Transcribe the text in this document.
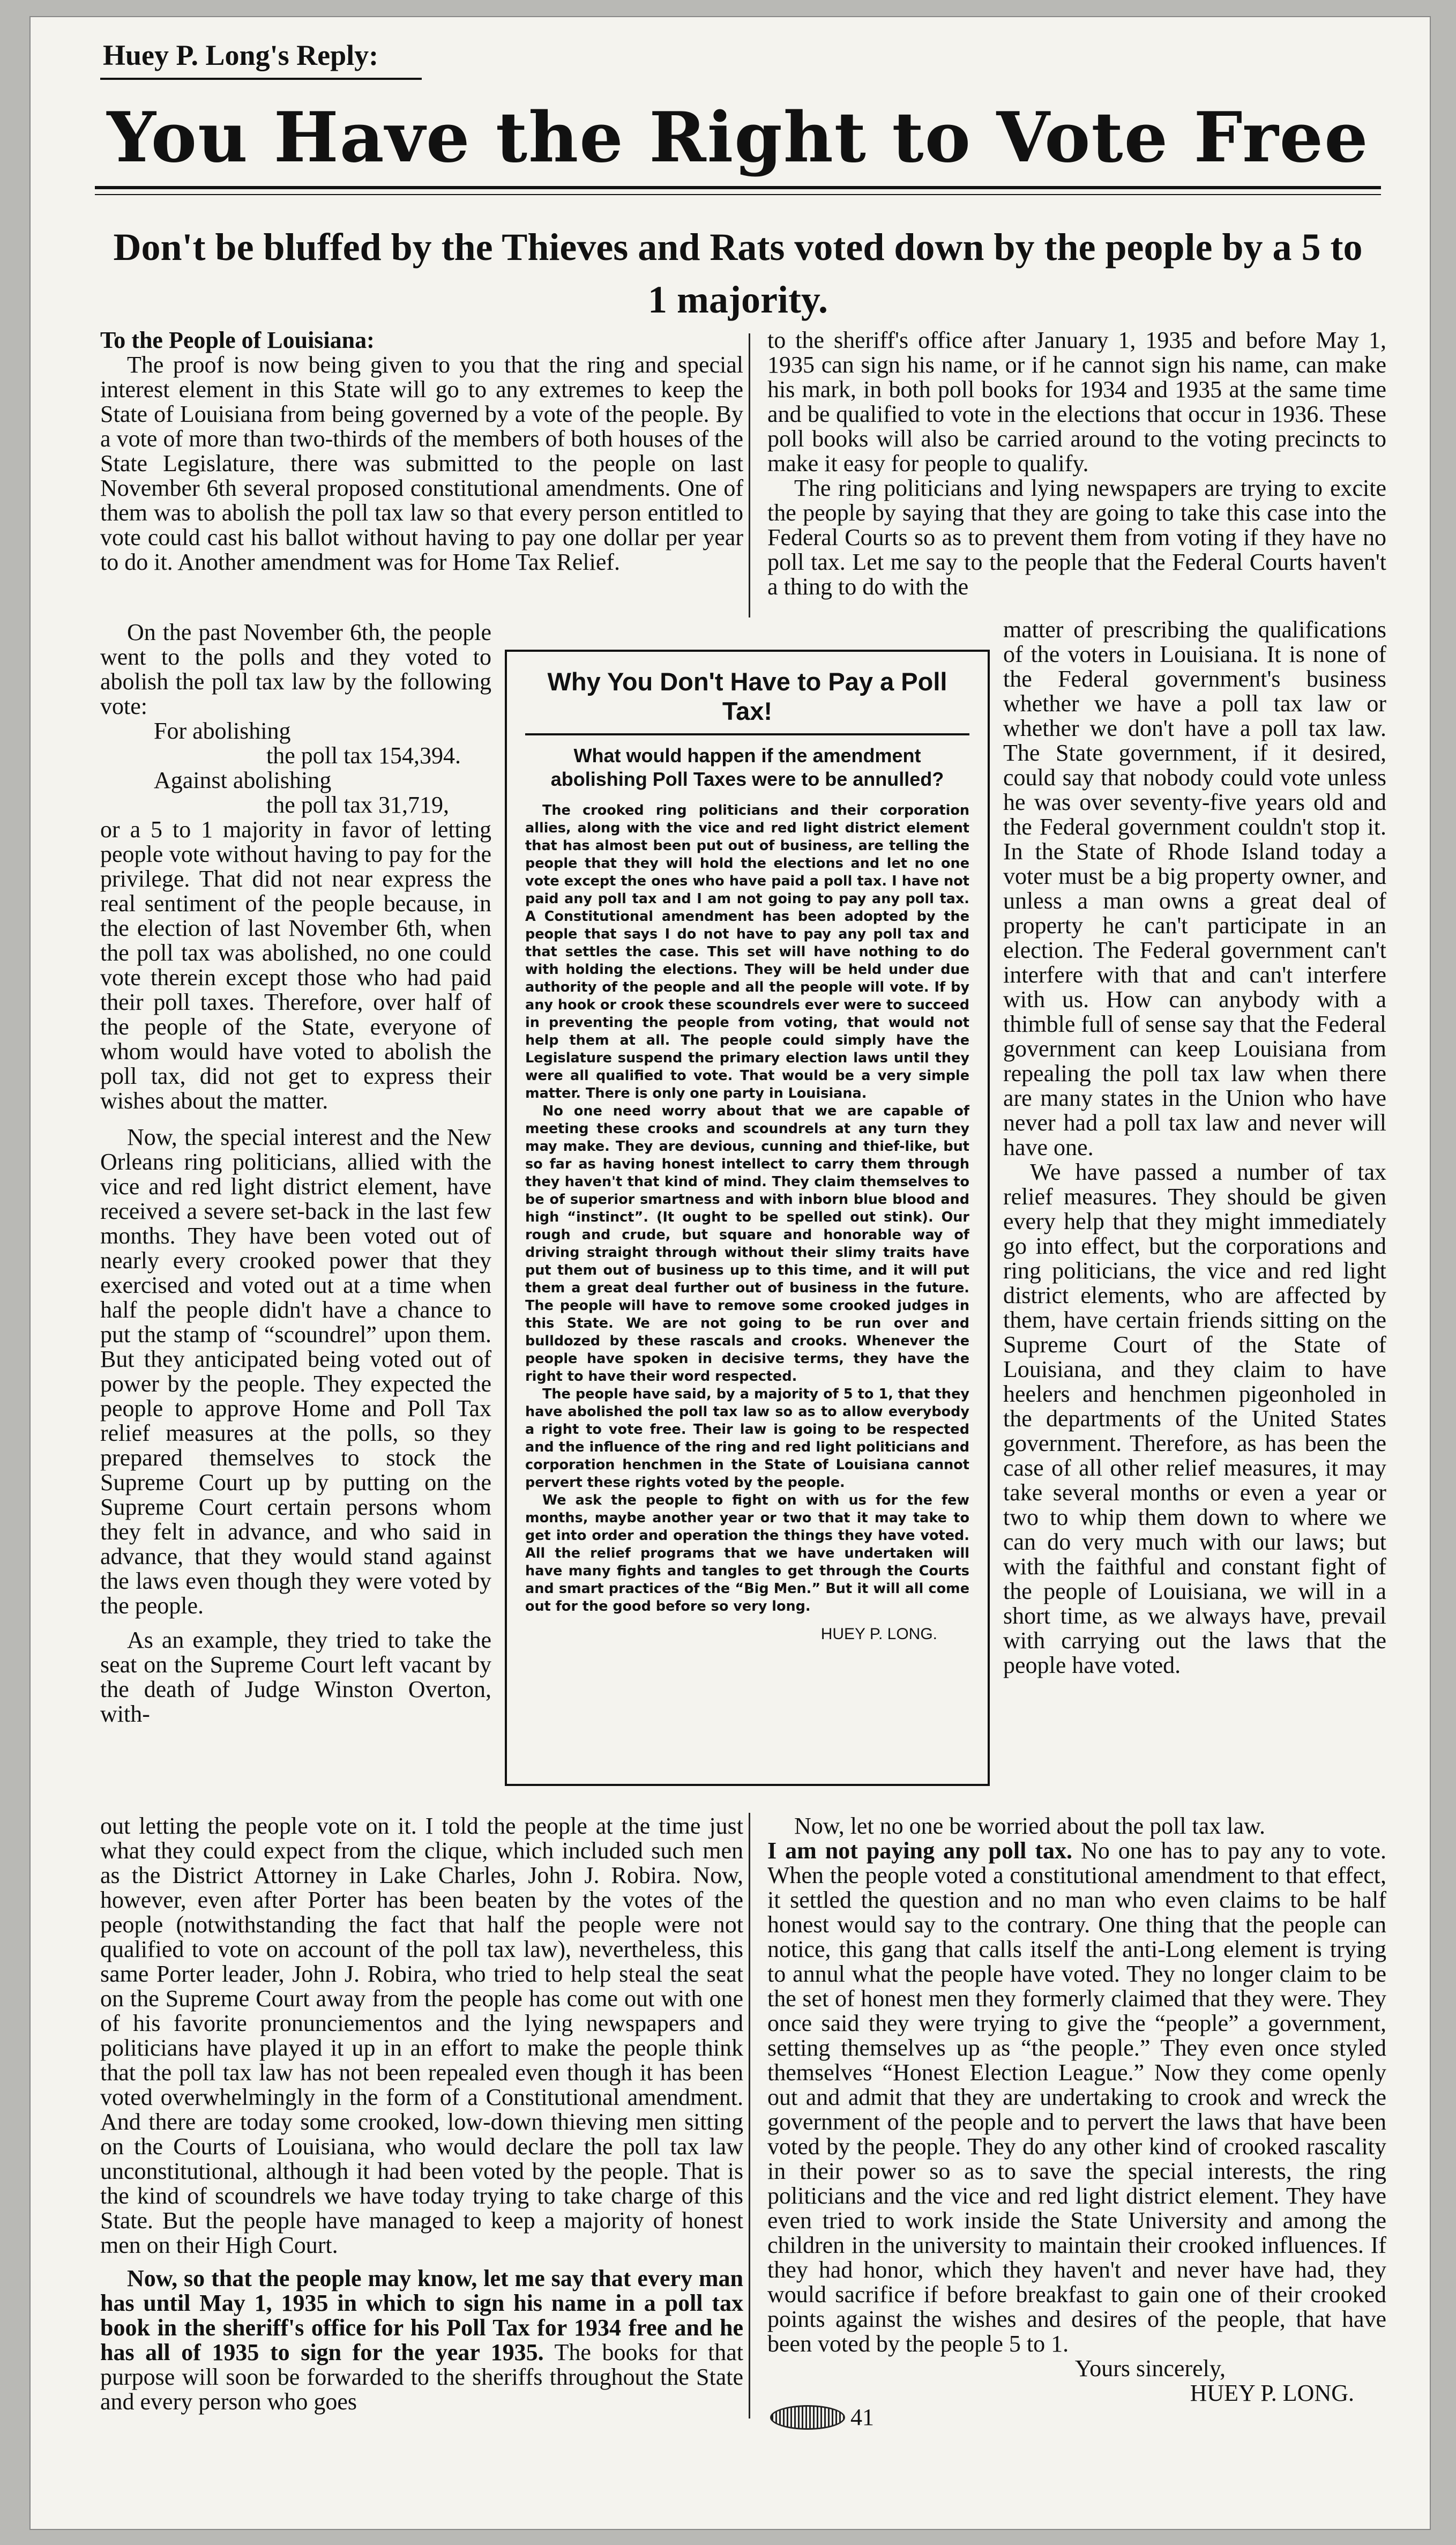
Huey P. Long's Reply:
You Have the Right to Vote Free
Don't be bluffed by the Thieves and Rats voted down by the people by a 5 to 1 majority.

To the People of Louisiana:

The proof is now being given to you that the ring and special interest element in this State will go to any extremes to keep the State of Louisiana from being governed by a vote of the people. By a vote of more than two-thirds of the members of both houses of the State Legislature, there was submitted to the people on last November 6th several proposed constitutional amendments. One of them was to abolish the poll tax law so that every person entitled to vote could cast his ballot without having to pay one dollar per year to do it. Another amendment was for Home Tax Relief.

On the past November 6th, the people went to the polls and they voted to abolish the poll tax law by the following vote:

For abolishing

the poll tax 154,394.

Against abolishing

the poll tax 31,719,

or a 5 to 1 majority in favor of letting people vote without having to pay for the privilege. That did not near express the real sentiment of the people because, in the election of last November 6th, when the poll tax was abolished, no one could vote therein except those who had paid their poll taxes. Therefore, over half of the people of the State, everyone of whom would have voted to abolish the poll tax, did not get to express their wishes about the matter.

Now, the special interest and the New Orleans ring politicians, allied with the vice and red light district element, have received a severe set-back in the last few months. They have been voted out of nearly every crooked power that they exercised and voted out at a time when half the people didn't have a chance to put the stamp of “scoundrel” upon them. But they anticipated being voted out of power by the people. They expected the people to approve Home and Poll Tax relief measures at the polls, so they prepared themselves to stock the Supreme Court up by putting on the Supreme Court certain persons whom they felt in advance, and who said in advance, that they would stand against the laws even though they were voted by the people.

As an example, they tried to take the seat on the Supreme Court left vacant by the death of Judge Winston Overton, with-

out letting the people vote on it. I told the people at the time just what they could expect from the clique, which included such men as the District Attorney in Lake Charles, John J. Robira. Now, however, even after Porter has been beaten by the votes of the people (notwithstanding the fact that half the people were not qualified to vote on account of the poll tax law), nevertheless, this same Porter leader, John J. Robira, who tried to help steal the seat on the Supreme Court away from the people has come out with one of his favorite pronunciementos and the lying newspapers and politicians have played it up in an effort to make the people think that the poll tax law has not been repealed even though it has been voted overwhelmingly in the form of a Constitutional amendment. And there are today some crooked, low-down thieving men sitting on the Courts of Louisiana, who would declare the poll tax law unconstitutional, although it had been voted by the people. That is the kind of scoundrels we have today trying to take charge of this State. But the people have managed to keep a majority of honest men on their High Court.

Now, so that the people may know, let me say that every man has until May 1, 1935 in which to sign his name in a poll tax book in the sheriff's office for his Poll Tax for 1934 free and he has all of 1935 to sign for the year 1935. The books for that purpose will soon be forwarded to the sheriffs throughout the State and every person who goes

to the sheriff's office after January 1, 1935 and before May 1, 1935 can sign his name, or if he cannot sign his name, can make his mark, in both poll books for 1934 and 1935 at the same time and be qualified to vote in the elections that occur in 1936. These poll books will also be carried around to the voting precincts to make it easy for people to qualify.

The ring politicians and lying newspapers are trying to excite the people by saying that they are going to take this case into the Federal Courts so as to prevent them from voting if they have no poll tax. Let me say to the people that the Federal Courts haven't a thing to do with the

matter of prescribing the qualifications of the voters in Louisiana. It is none of the Federal government's business whether we have a poll tax law or whether we don't have a poll tax law. The State government, if it desired, could say that nobody could vote unless he was over seventy-five years old and the Federal government couldn't stop it. In the State of Rhode Island today a voter must be a big property owner, and unless a man owns a great deal of property he can't participate in an election. The Federal government can't interfere with that and can't interfere with us. How can anybody with a thimble full of sense say that the Federal government can keep Louisiana from repealing the poll tax law when there are many states in the Union who have never had a poll tax law and never will have one.

We have passed a number of tax relief measures. They should be given every help that they might immediately go into effect, but the corporations and ring politicians, the vice and red light district elements, who are affected by them, have certain friends sitting on the Supreme Court of the State of Louisiana, and they claim to have heelers and henchmen pigeonholed in the departments of the United States government. Therefore, as has been the case of all other relief measures, it may take several months or even a year or two to whip them down to where we can do very much with our laws; but with the faithful and constant fight of the people of Louisiana, we will in a short time, as we always have, prevail with carrying out the laws that the people have voted.

Now, let no one be worried about the poll tax law.
I am not paying any poll tax. No one has to pay any to vote. When the people voted a constitutional amendment to that effect, it settled the question and no man who even claims to be half honest would say to the contrary. One thing that the people can notice, this gang that calls itself the anti-Long element is trying to annul what the people have voted. They no longer claim to be the set of honest men they formerly claimed that they were. They once said they were trying to give the “people” a government, setting themselves up as “the people.” They even once styled themselves “Honest Election League.” Now they come openly out and admit that they are undertaking to crook and wreck the government of the people and to pervert the laws that have been voted by the people. They do any other kind of crooked rascality in their power so as to save the special interests, the ring politicians and the vice and red light district element. They have even tried to work inside the State University and among the children in the university to maintain their crooked influences. If they had honor, which they haven't and never have had, they would sacrifice if before breakfast to gain one of their crooked points against the wishes and desires of the people, that have been voted by the people 5 to 1.

Yours sincerely,

HUEY P. LONG.

Why You Don't Have to Pay a Poll Tax!
What would happen if the amendment abolishing Poll Taxes were to be annulled?

The crooked ring politicians and their corporation allies, along with the vice and red light district element that has almost been put out of business, are telling the people that they will hold the elections and let no one vote except the ones who have paid a poll tax. I have not paid any poll tax and I am not going to pay any poll tax. A Constitutional amendment has been adopted by the people that says I do not have to pay any poll tax and that settles the case. This set will have nothing to do with holding the elections. They will be held under due authority of the people and all the people will vote. If by any hook or crook these scoundrels ever were to succeed in preventing the people from voting, that would not help them at all. The people could simply have the Legislature suspend the primary election laws until they were all qualified to vote. That would be a very simple matter. There is only one party in Louisiana.

No one need worry about that we are capable of meeting these crooks and scoundrels at any turn they may make. They are devious, cunning and thief-like, but so far as having honest intellect to carry them through they haven't that kind of mind. They claim themselves to be of superior smartness and with inborn blue blood and high “instinct”. (It ought to be spelled out stink). Our rough and crude, but square and honorable way of driving straight through without their slimy traits have put them out of business up to this time, and it will put them a great deal further out of business in the future. The people will have to remove some crooked judges in this State. We are not going to be run over and bulldozed by these rascals and crooks. Whenever the people have spoken in decisive terms, they have the right to have their word respected.

The people have said, by a majority of 5 to 1, that they have abolished the poll tax law so as to allow everybody a right to vote free. Their law is going to be respected and the influence of the ring and red light politicians and corporation henchmen in the State of Louisiana cannot pervert these rights voted by the people.

We ask the people to fight on with us for the few months, maybe another year or two that it may take to get into order and operation the things they have voted. All the relief programs that we have undertaken will have many fights and tangles to get through the Courts and smart practices of the “Big Men.” But it will all come out for the good before so very long.

HUEY P. LONG.
41
